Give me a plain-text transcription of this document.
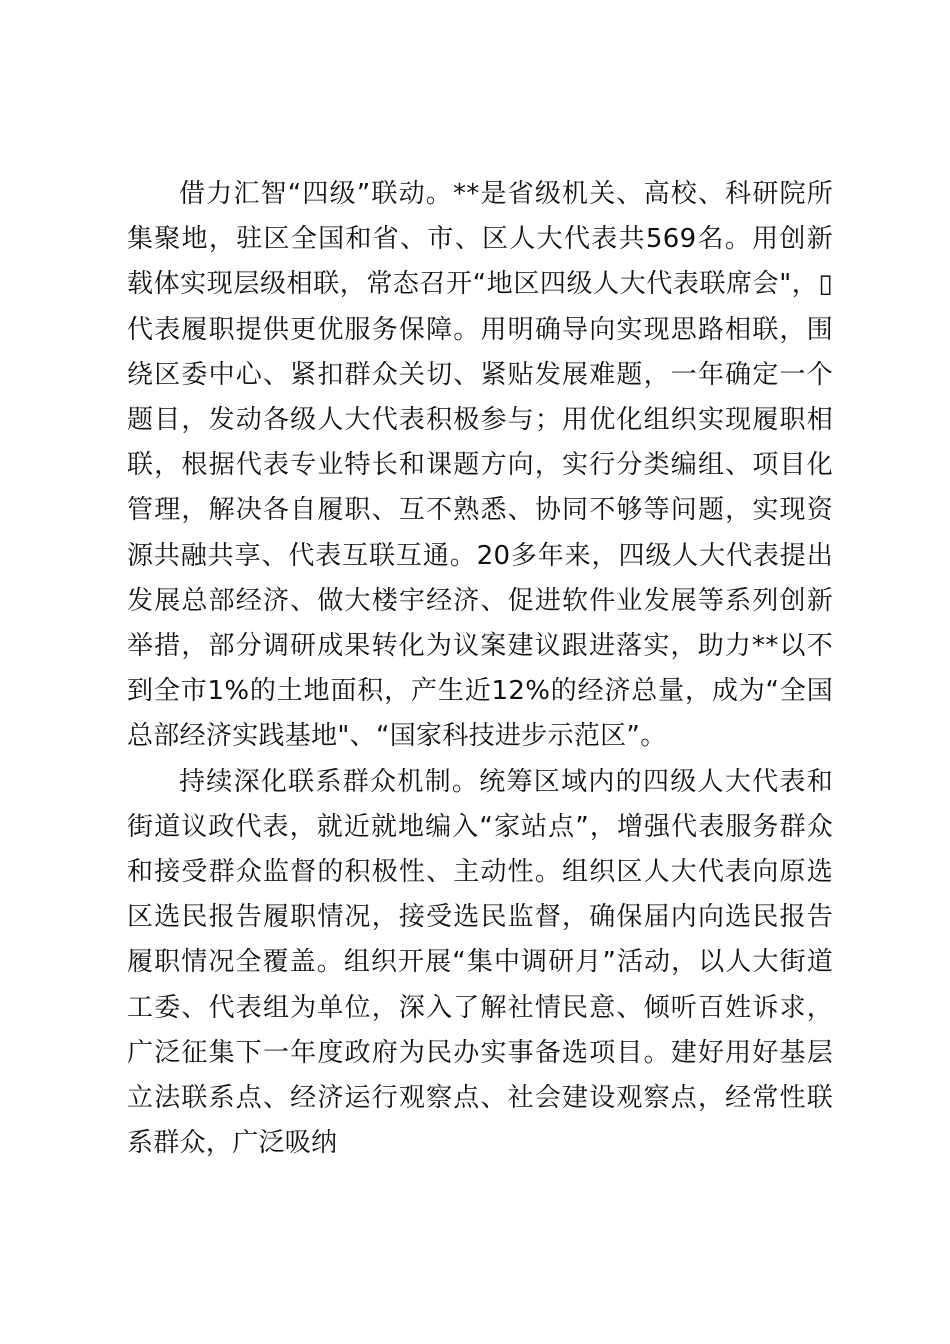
借力汇智“四级”联动。**是省级机关、高校、科研院所集聚地，驻区全国和省、市、区人大代表共569名。用创新载体实现层级相联，常态召开“地区四级人大代表联席会"，▯代表履职提供更优服务保障。用明确导向实现思路相联，围绕区委中心、紧扣群众关切、紧贴发展难题，一年确定一个题目，发动各级人大代表积极参与；用优化组织实现履职相联，根据代表专业特长和课题方向，实行分类编组、项目化管理，解决各自履职、互不熟悉、协同不够等问题，实现资源共融共享、代表互联互通。20多年来，四级人大代表提出发展总部经济、做大楼宇经济、促进软件业发展等系列创新举措，部分调研成果转化为议案建议跟进落实，助力**以不到全市1%的土地面积，产生近12%的经济总量，成为“全国总部经济实践基地"、“国家科技进步示范区”。

持续深化联系群众机制。统筹区域内的四级人大代表和街道议政代表，就近就地编入“家站点”，增强代表服务群众和接受群众监督的积极性、主动性。组织区人大代表向原选区选民报告履职情况，接受选民监督，确保届内向选民报告履职情况全覆盖。组织开展“集中调研月”活动，以人大街道工委、代表组为单位，深入了解社情民意、倾听百姓诉求，广泛征集下一年度政府为民办实事备选项目。建好用好基层立法联系点、经济运行观察点、社会建设观察点，经常性联系群众，广泛吸纳
